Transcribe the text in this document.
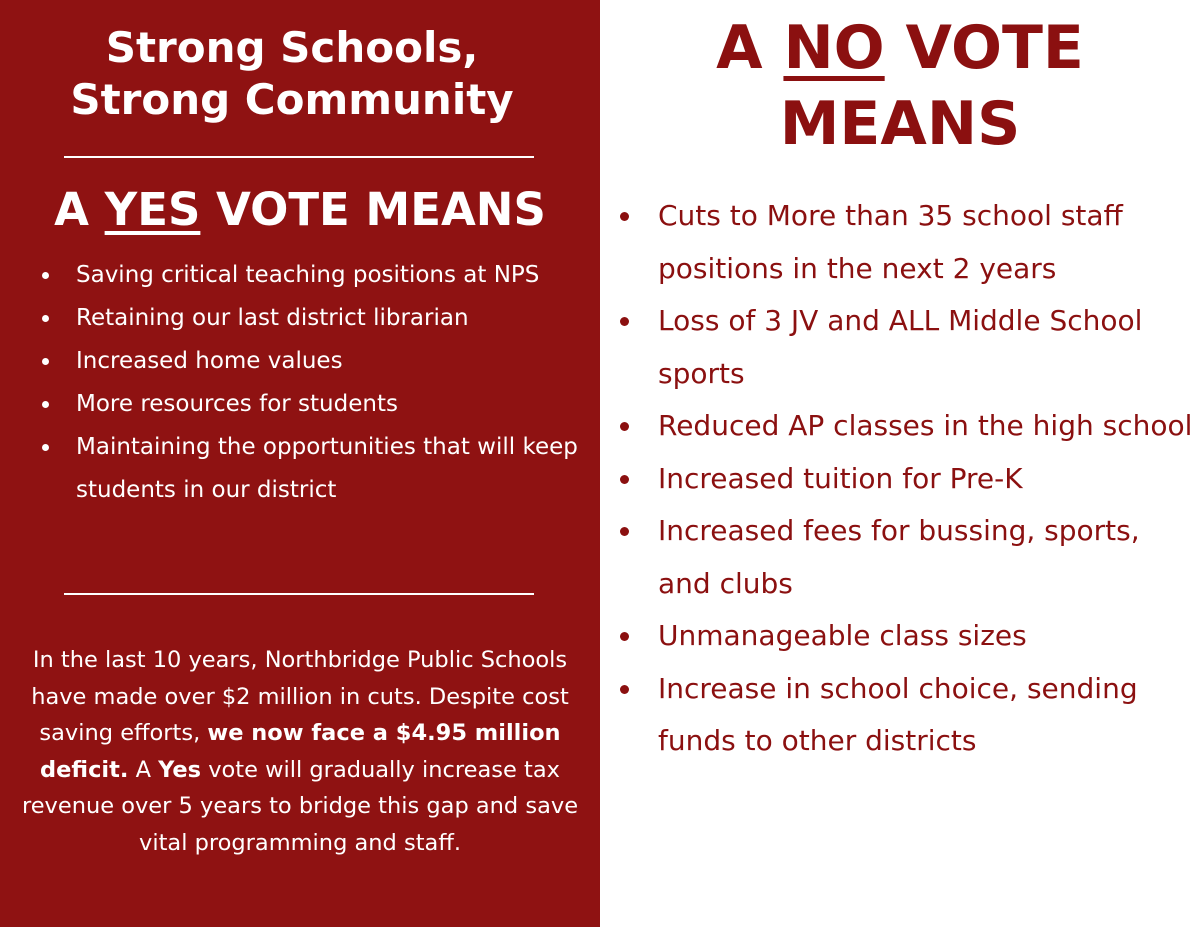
Strong Schools,
Strong Community
A YES VOTE MEANS
Saving critical teaching positions at NPS
Retaining our last district librarian
Increased home values
More resources for students
Maintaining the opportunities that will keep students in our district
In the last 10 years, Northbridge Public Schools have made over $2 million in cuts. Despite cost saving efforts, we now face a $4.95 million deficit. A Yes vote will gradually increase tax revenue over 5 years to bridge this gap and save vital programming and staff.
A NO VOTE
MEANS
Cuts to More than 35 school staff positions in the next 2 years
Loss of 3 JV and ALL Middle School sports
Reduced AP classes in the high school
Increased tuition for Pre-K
Increased fees for bussing, sports, and clubs
Unmanageable class sizes
Increase in school choice, sending funds to other districts
